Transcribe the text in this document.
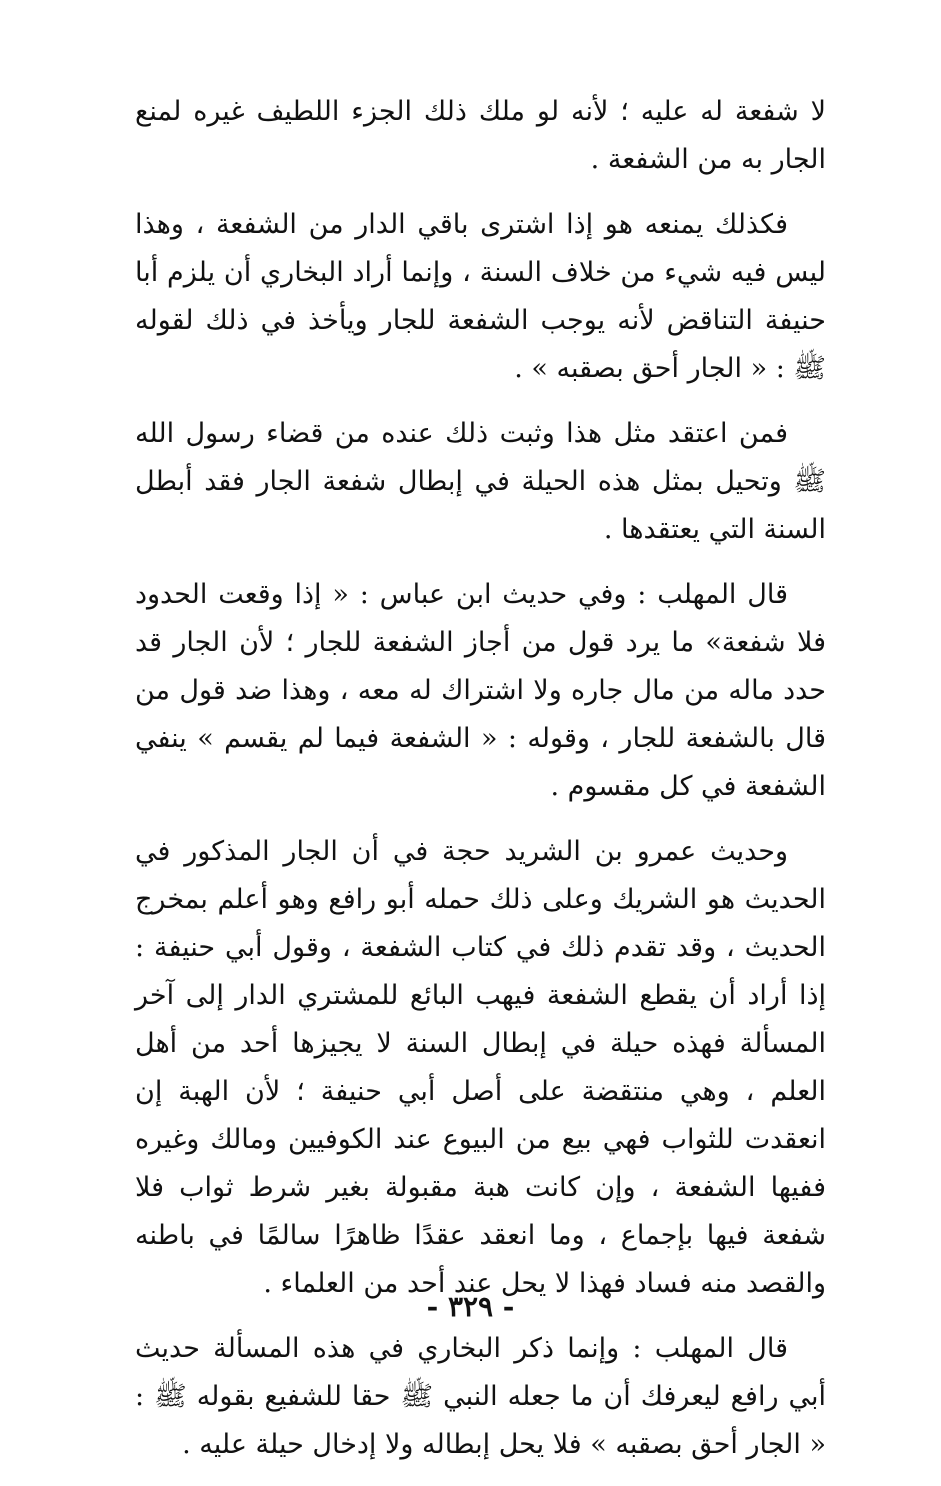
لا شفعة له عليه ؛ لأنه لو ملك ذلك الجزء اللطيف غيره لمنع الجار به من الشفعة .

فكذلك يمنعه هو إذا اشترى باقي الدار من الشفعة ، وهذا ليس فيه شيء من خلاف السنة ، وإنما أراد البخاري أن يلزم أبا حنيفة التناقض لأنه يوجب الشفعة للجار ويأخذ في ذلك لقوله ﷺ : « الجار أحق بصقبه » .

فمن اعتقد مثل هذا وثبت ذلك عنده من قضاء رسول الله ﷺ وتحيل بمثل هذه الحيلة في إبطال شفعة الجار فقد أبطل السنة التي يعتقدها .

قال المهلب : وفي حديث ابن عباس : « إذا وقعت الحدود فلا شفعة» ما يرد قول من أجاز الشفعة للجار ؛ لأن الجار قد حدد ماله من مال جاره ولا اشتراك له معه ، وهذا ضد قول من قال بالشفعة للجار ، وقوله : « الشفعة فيما لم يقسم » ينفي الشفعة في كل مقسوم .

وحديث عمرو بن الشريد حجة في أن الجار المذكور في الحديث هو الشريك وعلى ذلك حمله أبو رافع وهو أعلم بمخرج الحديث ، وقد تقدم ذلك في كتاب الشفعة ، وقول أبي حنيفة : إذا أراد أن يقطع الشفعة فيهب البائع للمشتري الدار إلى آخر المسألة فهذه حيلة في إبطال السنة لا يجيزها أحد من أهل العلم ، وهي منتقضة على أصل أبي حنيفة ؛ لأن الهبة إن انعقدت للثواب فهي بيع من البيوع عند الكوفيين ومالك وغيره ففيها الشفعة ، وإن كانت هبة مقبولة بغير شرط ثواب فلا شفعة فيها بإجماع ، وما انعقد عقدًا ظاهرًا سالمًا في باطنه والقصد منه فساد فهذا لا يحل عند أحد من العلماء .

قال المهلب : وإنما ذكر البخاري في هذه المسألة حديث أبي رافع ليعرفك أن ما جعله النبي ﷺ حقا للشفيع بقوله ﷺ : « الجار أحق بصقبه » فلا يحل إبطاله ولا إدخال حيلة عليه .

- ٣٢٩ -
